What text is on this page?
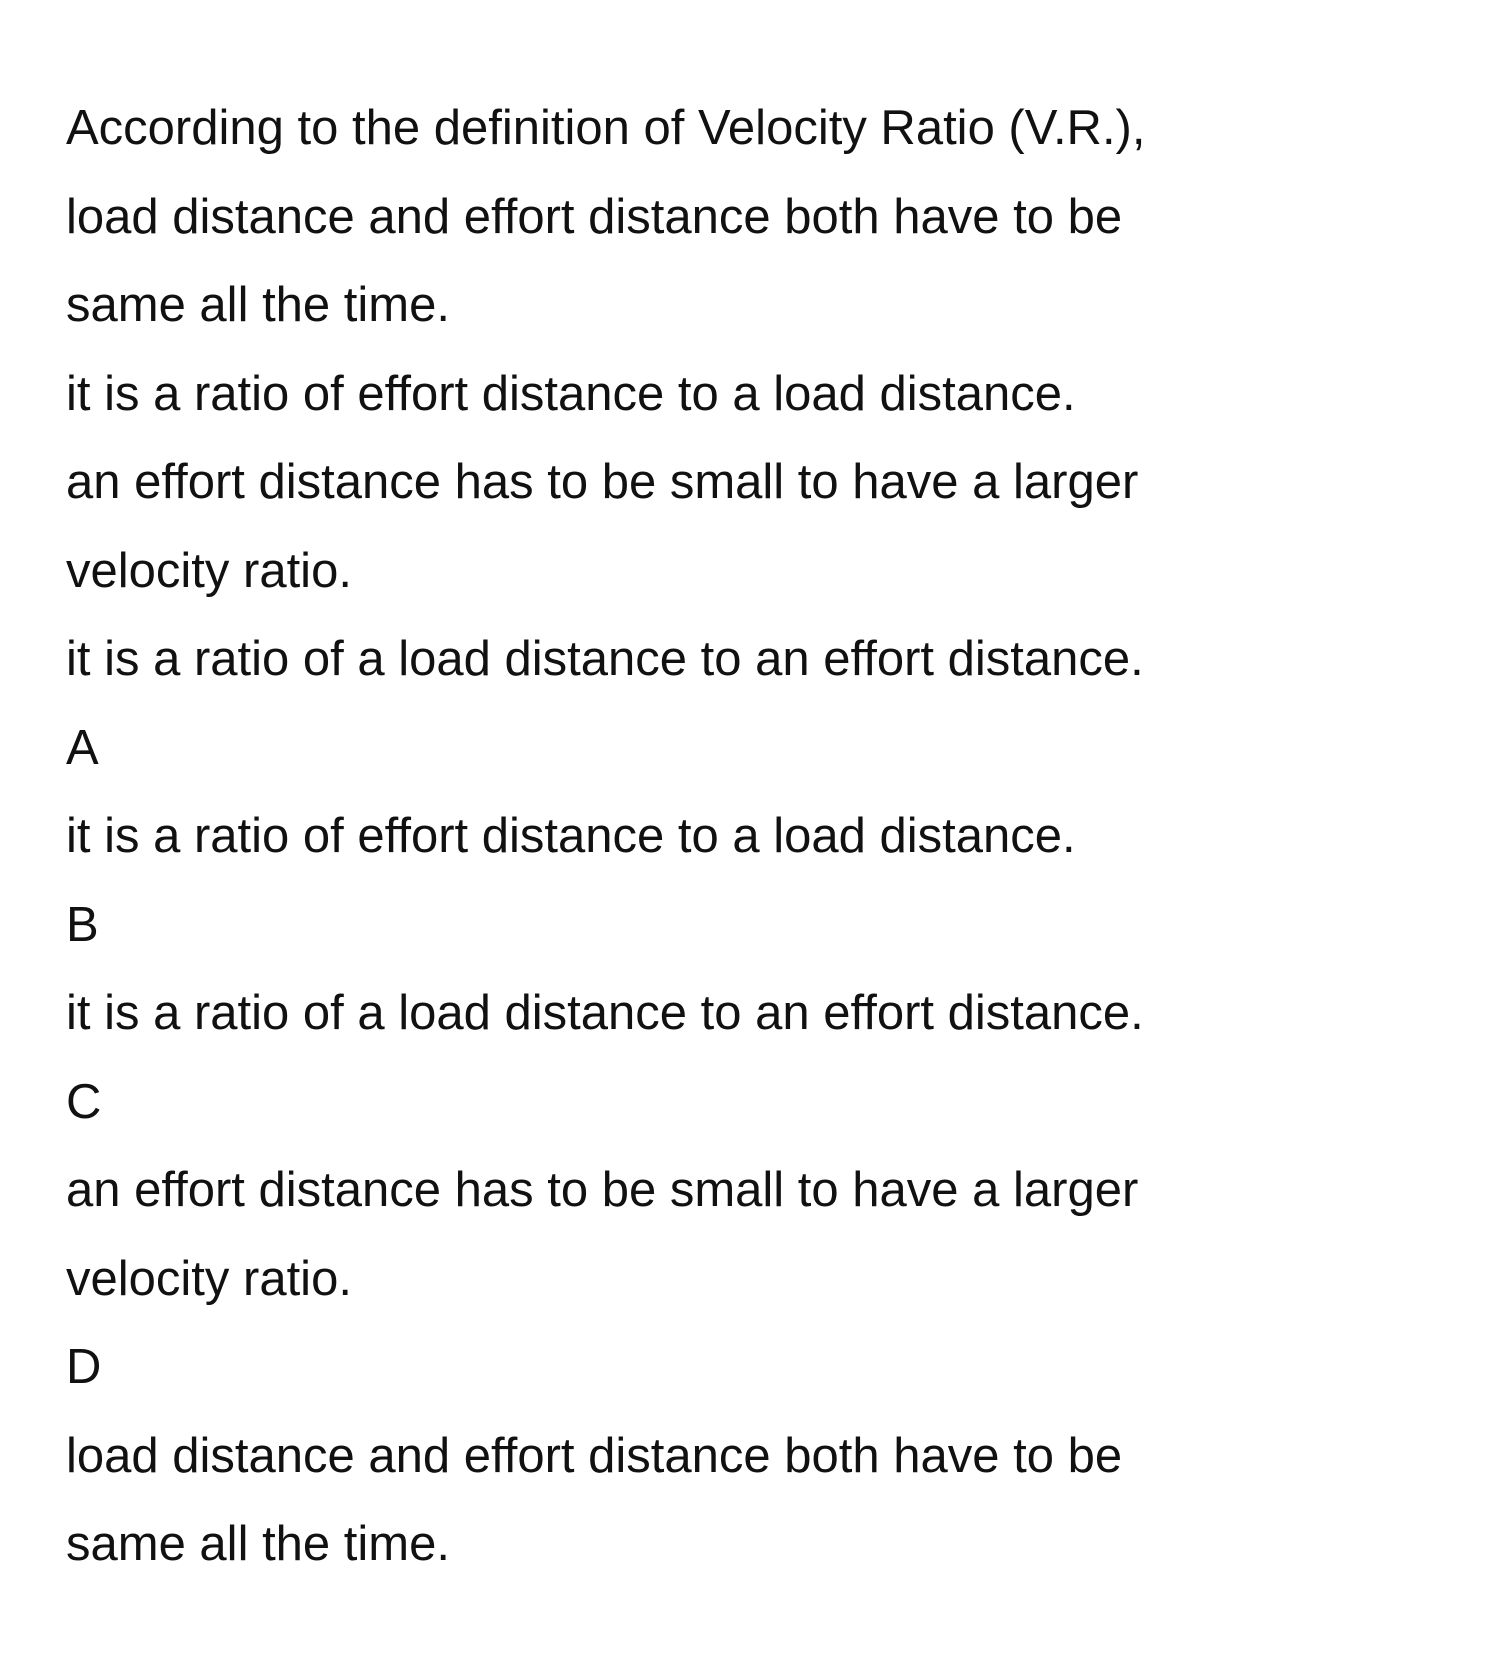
According to the definition of Velocity Ratio (V.R.),
load distance and effort distance both have to be
same all the time.
it is a ratio of effort distance to a load distance.
an effort distance has to be small to have a larger
velocity ratio.
it is a ratio of a load distance to an effort distance.
A
it is a ratio of effort distance to a load distance.
B
it is a ratio of a load distance to an effort distance.
C
an effort distance has to be small to have a larger
velocity ratio.
D
load distance and effort distance both have to be
same all the time.
